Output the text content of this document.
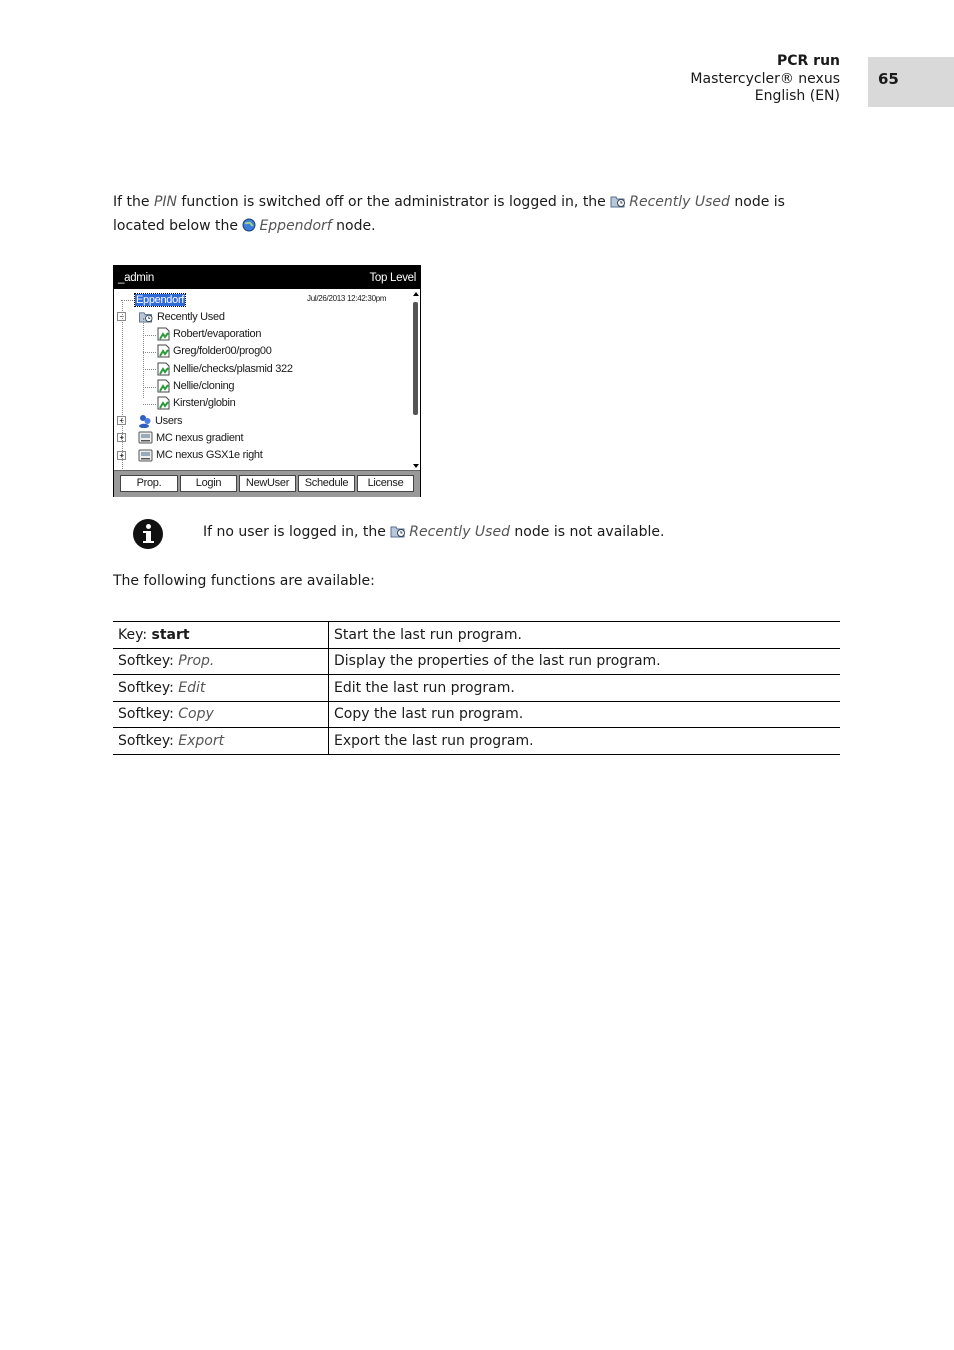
PCR run
Mastercycler® nexus
English (EN)
65
If the PIN function is switched off or the administrator is logged in, the Recently Used node is located below the Eppendorf node.
_admin	Top Level
Jul/26/2013 12:42:30pm
Eppendorf
−	Recently Used
Robert/evaporation
Greg/folder00/prog00
Nellie/checks/plasmid 322
Nellie/cloning
Kirsten/globin
+	Users
+	MC nexus gradient
+	MC nexus GSX1e right
Prop.	Login	NewUser	Schedule	License
If no user is logged in, the Recently Used node is not available.
The following functions are available:
Key: start	Start the last run program.
Softkey: Prop.	Display the properties of the last run program.
Softkey: Edit	Edit the last run program.
Softkey: Copy	Copy the last run program.
Softkey: Export	Export the last run program.
